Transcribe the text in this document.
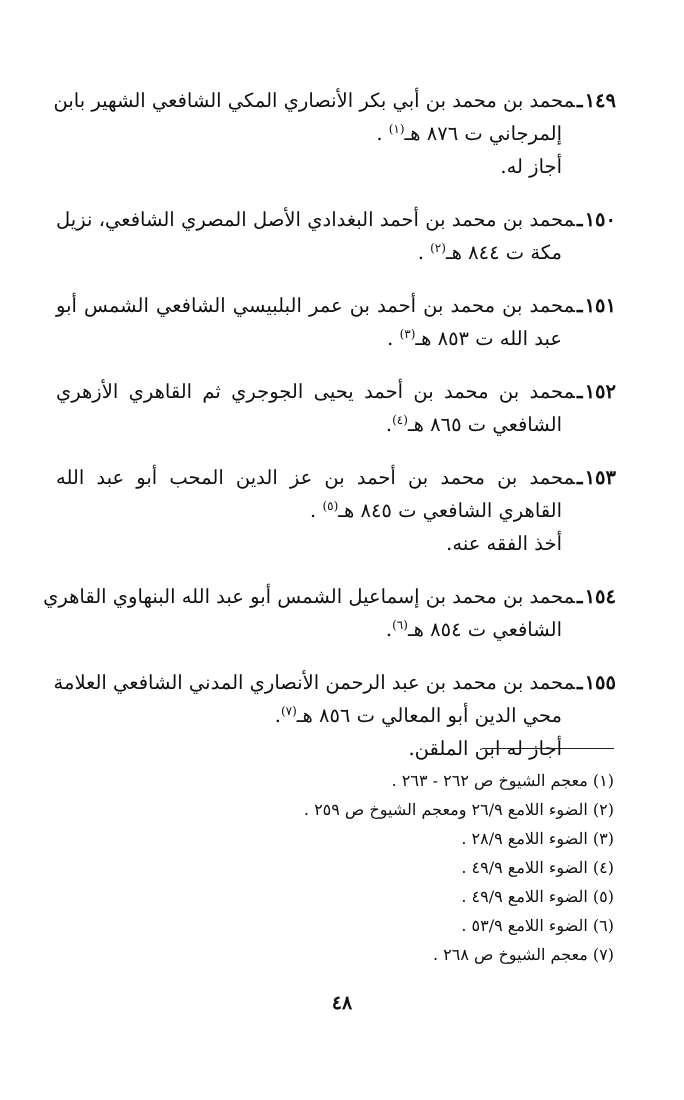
١٤٩ـمحمد بن محمد بن أبي بكر الأنصاري المكي الشافعي الشهير بابن
إلمرجاني ت ٨٧٦ هـ$^{(١)}$ .
أجاز له.
١٥٠ـمحمد بن محمد بن أحمد البغدادي الأصل المصري الشافعي، نزيل
مكة ت ٨٤٤ هـ$^{(٢)}$ .
١٥١ـمحمد بن محمد بن أحمد بن عمر البلبيسي الشافعي الشمس أبو
عبد الله ت ٨٥٣ هـ$^{(٣)}$ .
١٥٢ـمحمد بن محمد بن أحمد يحيى الجوجري ثم القاهري الأزهري
الشافعي ت ٨٦٥ هـ$^{(٤)}$.
١٥٣ـمحمد بن محمد بن أحمد بن عز الدين المحب أبو عبد الله
القاهري الشافعي ت ٨٤٥ هـ$^{(٥)}$ .
أخذ الفقه عنه.
١٥٤ـمحمد بن محمد بن إسماعيل الشمس أبو عبد الله البنهاوي القاهري
الشافعي ت ٨٥٤ هـ$^{(٦)}$.
١٥٥ـمحمد بن محمد بن عبد الرحمن الأنصاري المدني الشافعي العلامة
محي الدين أبو المعالي ت ٨٥٦ هـ$^{(٧)}$.
أجاز له ابن الملقن.
(١) معجم الشيوخ ص ٢٦٢ - ٢٦٣ .
(٢) الضوء اللامع ٢٦/٩ ومعجم الشيوخ ص ٢٥٩ .
(٣) الضوء اللامع ٢٨/٩ .
(٤) الضوء اللامع ٤٩/٩ .
(٥) الضوء اللامع ٤٩/٩ .
(٦) الضوء اللامع ٥٣/٩ .
(٧) معجم الشيوخ ص ٢٦٨ .
٤٨
